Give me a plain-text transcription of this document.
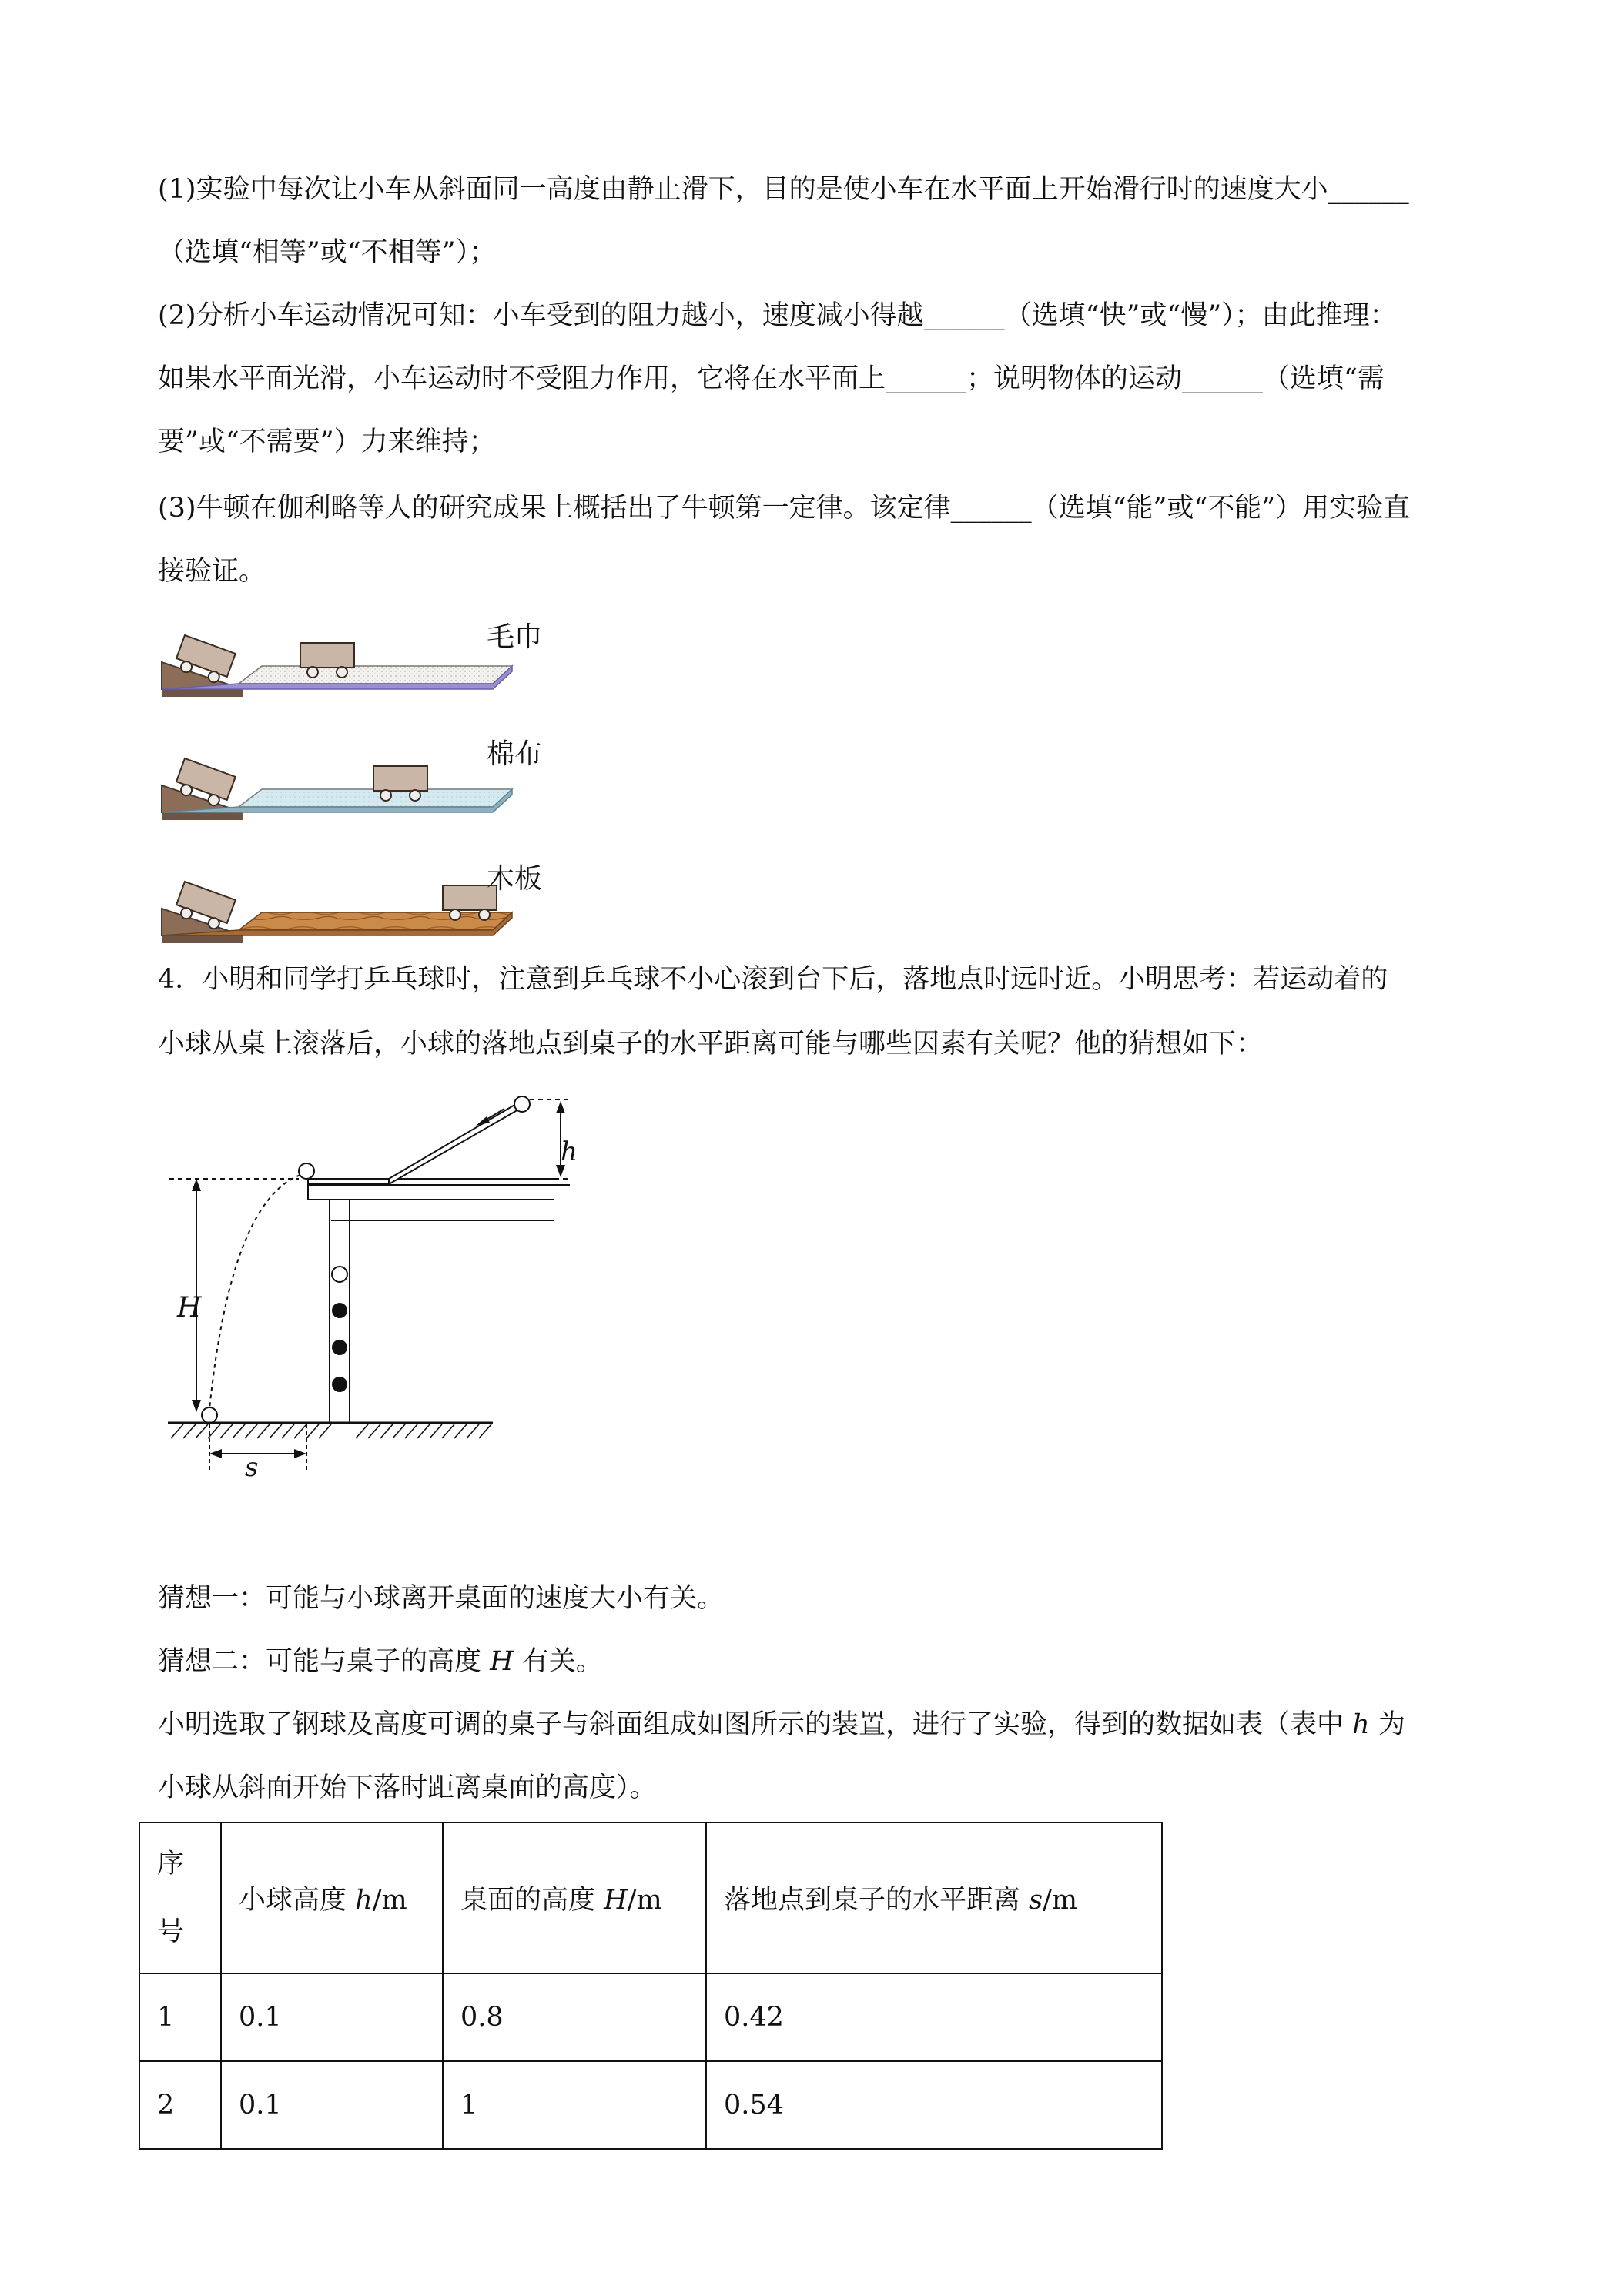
(1)实验中每次让小车从斜面同一高度由静止滑下，目的是使小车在水平面上开始滑行时的速度大小______
（选填“相等”或“不相等”）；
(2)分析小车运动情况可知：小车受到的阻力越小，速度减小得越______（选填“快”或“慢”）；由此推理：
如果水平面光滑，小车运动时不受阻力作用，它将在水平面上______；说明物体的运动______（选填“需
要”或“不需要”）力来维持；
(3)牛顿在伽利略等人的研究成果上概括出了牛顿第一定律。该定律______（选填“能”或“不能”）用实验直
接验证。
毛巾
棉布
木板
4．小明和同学打乒乓球时，注意到乒乓球不小心滚到台下后，落地点时远时近。小明思考：若运动着的
小球从桌上滚落后，小球的落地点到桌子的水平距离可能与哪些因素有关呢？他的猜想如下：
h
H
s
猜想一：可能与小球离开桌面的速度大小有关。
猜想二：可能与桌子的高度 H 有关。
小明选取了钢球及高度可调的桌子与斜面组成如图所示的装置，进行了实验，得到的数据如表（表中 h 为
小球从斜面开始下落时距离桌面的高度）。
序
号	小球高度 h/m	桌面的高度 H/m	落地点到桌子的水平距离 s/m
1	0.1	0.8	0.42
2	0.1	1	0.54
